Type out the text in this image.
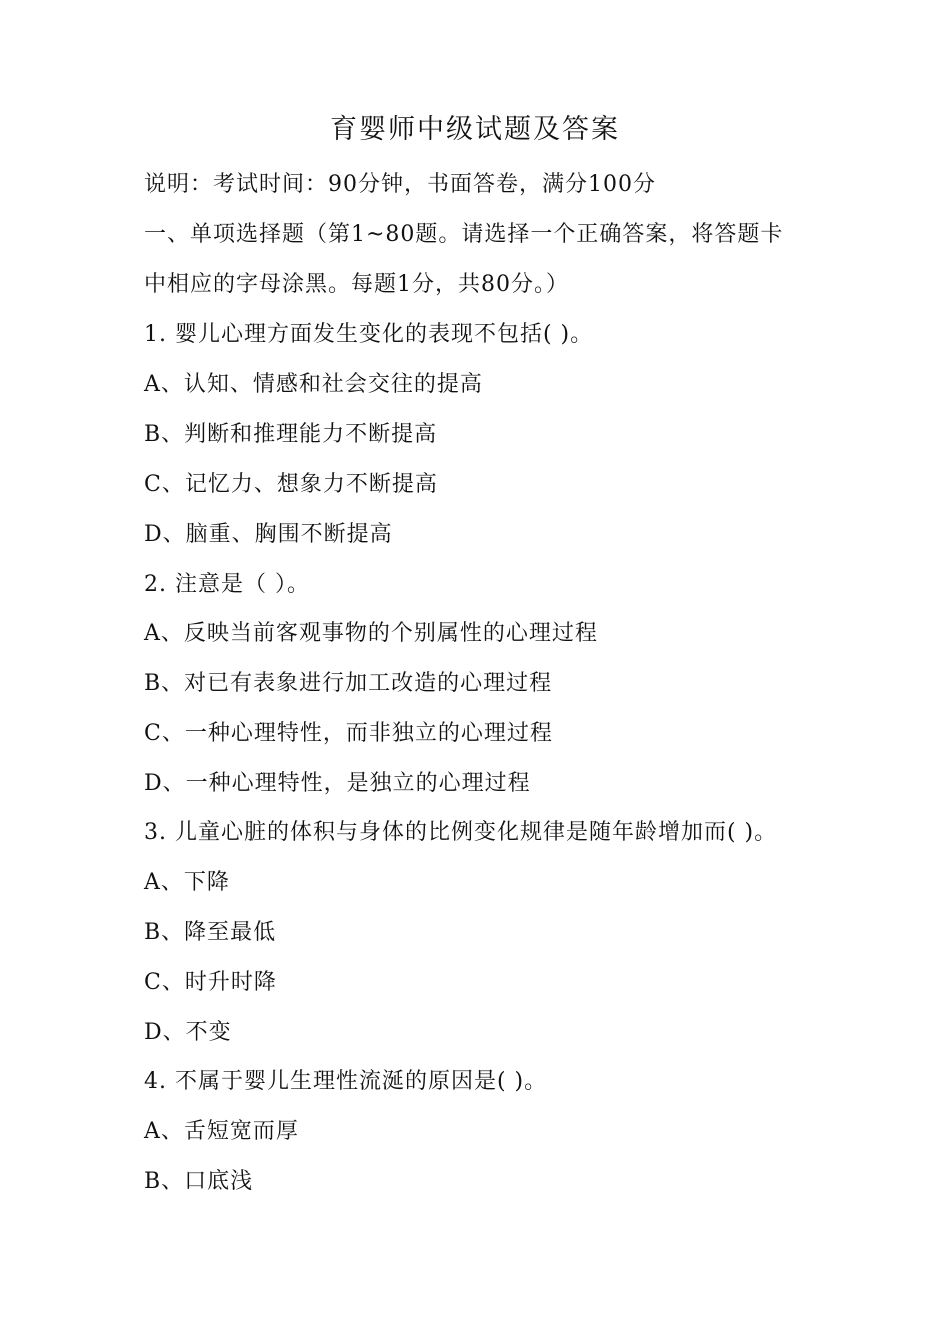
育婴师中级试题及答案
说明：考试时间：90分钟，书面答卷，满分100分
一、单项选择题（第1~80题。请选择一个正确答案，将答题卡
中相应的字母涂黑。每题1分，共80分。）
1. 婴儿心理方面发生变化的表现不包括( )。
A、认知、情感和社会交往的提高
B、判断和推理能力不断提高
C、记忆力、想象力不断提高
D、脑重、胸围不断提高
2. 注意是（ ）。
A、反映当前客观事物的个别属性的心理过程
B、对已有表象进行加工改造的心理过程
C、一种心理特性，而非独立的心理过程
D、一种心理特性，是独立的心理过程
3. 儿童心脏的体积与身体的比例变化规律是随年龄增加而( )。
A、下降
B、降至最低
C、时升时降
D、不变
4. 不属于婴儿生理性流涎的原因是( )。
A、舌短宽而厚
B、口底浅
